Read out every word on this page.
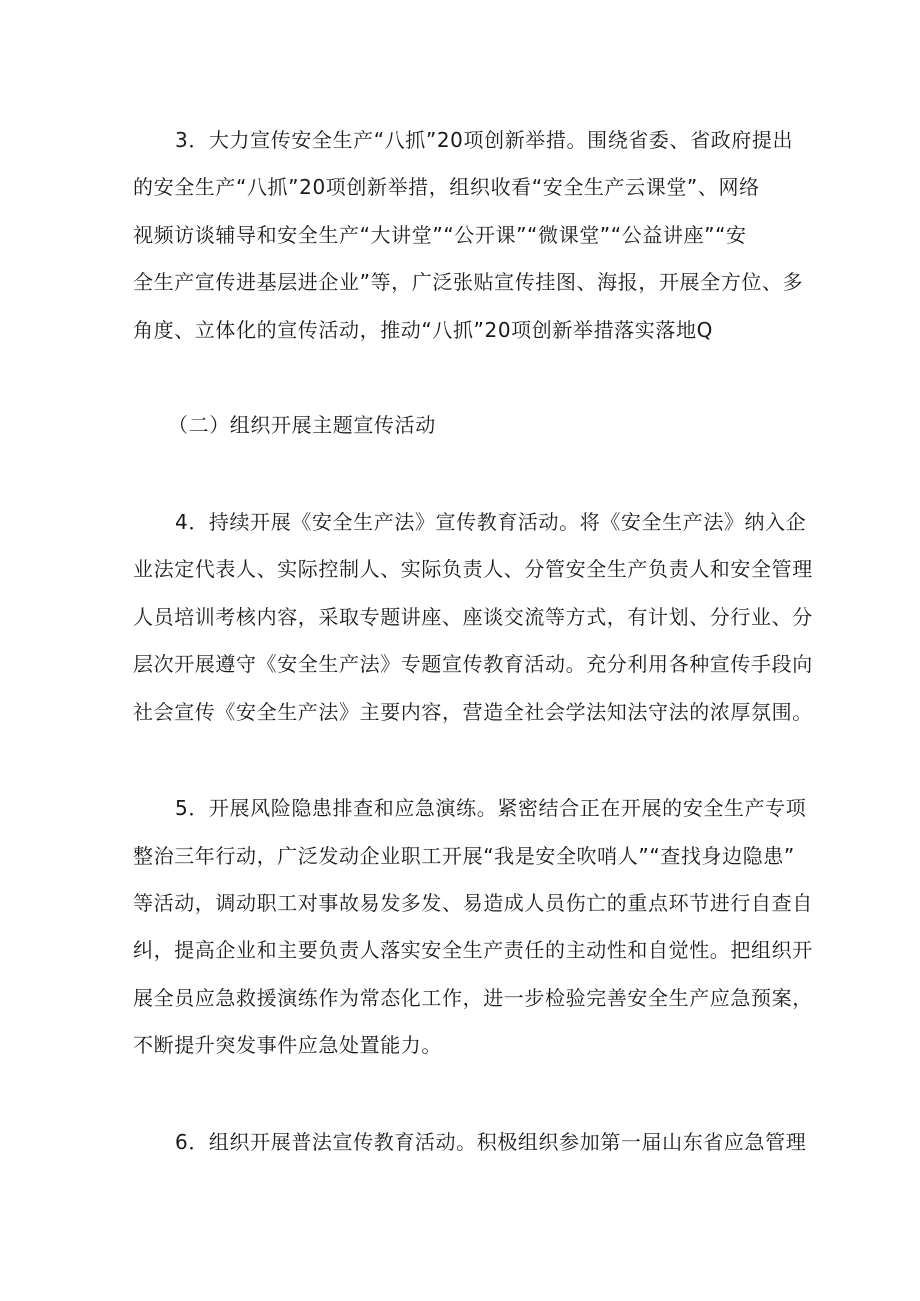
3．大力宣传安全生产“八抓”20项创新举措。围绕省委、省政府提出
的安全生产“八抓”20项创新举措，组织收看“安全生产云课堂”、网络
视频访谈辅导和安全生产“大讲堂”“公开课”“微课堂”“公益讲座”“安
全生产宣传进基层进企业”等，广泛张贴宣传挂图、海报，开展全方位、多
角度、立体化的宣传活动，推动“八抓”20项创新举措落实落地Q
（二）组织开展主题宣传活动
4．持续开展《安全生产法》宣传教育活动。将《安全生产法》纳入企
业法定代表人、实际控制人、实际负责人、分管安全生产负责人和安全管理
人员培训考核内容，采取专题讲座、座谈交流等方式，有计划、分行业、分
层次开展遵守《安全生产法》专题宣传教育活动。充分利用各种宣传手段向
社会宣传《安全生产法》主要内容，营造全社会学法知法守法的浓厚氛围。
5．开展风险隐患排查和应急演练。紧密结合正在开展的安全生产专项
整治三年行动，广泛发动企业职工开展“我是安全吹哨人”“查找身边隐患”
等活动，调动职工对事故易发多发、易造成人员伤亡的重点环节进行自查自
纠，提高企业和主要负责人落实安全生产责任的主动性和自觉性。把组织开
展全员应急救援演练作为常态化工作，进一步检验完善安全生产应急预案，
不断提升突发事件应急处置能力。
6．组织开展普法宣传教育活动。积极组织参加第一届山东省应急管理
